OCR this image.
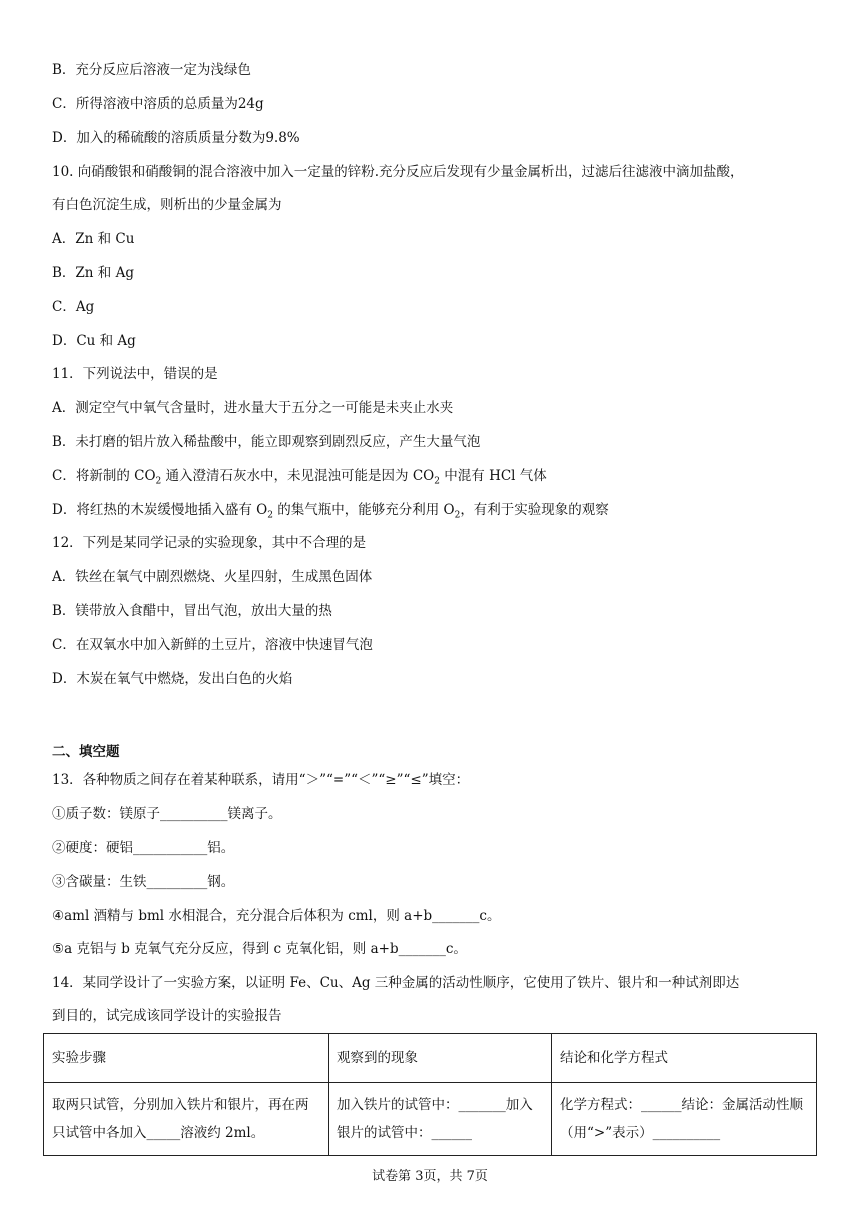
B．充分反应后溶液一定为浅绿色
C．所得溶液中溶质的总质量为24g
D．加入的稀硫酸的溶质质量分数为9.8%
10. 向硝酸银和硝酸铜的混合溶液中加入一定量的锌粉.充分反应后发现有少量金属析出，过滤后往滤液中滴加盐酸，
有白色沉淀生成，则析出的少量金属为
A．Zn 和 Cu
B．Zn 和 Ag
C．Ag
D．Cu 和 Ag
11．下列说法中，错误的是
A．测定空气中氧气含量时，进水量大于五分之一可能是未夹止水夹
B．未打磨的铝片放入稀盐酸中，能立即观察到剧烈反应，产生大量气泡
C．将新制的 $CO_2$ 通入澄清石灰水中，未见混浊可能是因为 $CO_2$ 中混有 HCl 气体
D．将红热的木炭缓慢地插入盛有 $O_2$ 的集气瓶中，能够充分利用 $O_2$，有利于实验现象的观察
12．下列是某同学记录的实验现象，其中不合理的是
A．铁丝在氧气中剧烈燃烧、火星四射，生成黑色固体
B．镁带放入食醋中，冒出气泡，放出大量的热
C．在双氧水中加入新鲜的土豆片，溶液中快速冒气泡
D．木炭在氧气中燃烧，发出白色的火焰
二、填空题
13．各种物质之间存在着某种联系，请用“＞”“=”“＜”“≥”“≤”填空：
①质子数：镁原子__________镁离子。
②硬度：硬铝___________铝。
③含碳量：生铁_________钢。
④aml 酒精与 bml 水相混合，充分混合后体积为 cml，则 a+b_______c。
⑤a 克铝与 b 克氧气充分反应，得到 c 克氧化铝，则 a+b_______c。
14．某同学设计了一实验方案，以证明 Fe、Cu、Ag 三种金属的活动性顺序，它使用了铁片、银片和一种试剂即达
到目的，试完成该同学设计的实验报告
实验步骤	观察到的现象	结论和化学方程式
取两只试管，分别加入铁片和银片，再在两只试管中各加入_____溶液约 2ml。	加入铁片的试管中：_______加入银片的试管中：______	化学方程式：______结论：金属活动性顺（用“>”表示）__________
试卷第 3页，共 7页
